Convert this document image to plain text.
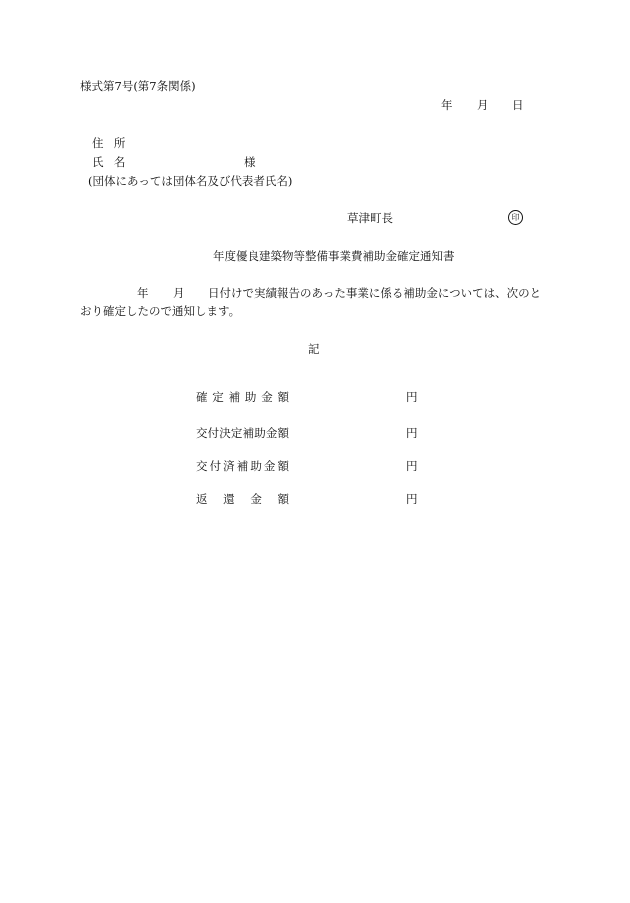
様式第7号(第7条関係)
年 月 日
住所
氏名	様
(団体にあっては団体名及び代表者氏名)
草津町長	印
年度優良建築物等整備事業費補助金確定通知書
年 月 日付けで実績報告のあった事業に係る補助金については、次のと
おり確定したので通知します。
記
確定補助金額	円
交付決定補助金額	円
交付済補助金額	円
返還金額	円
